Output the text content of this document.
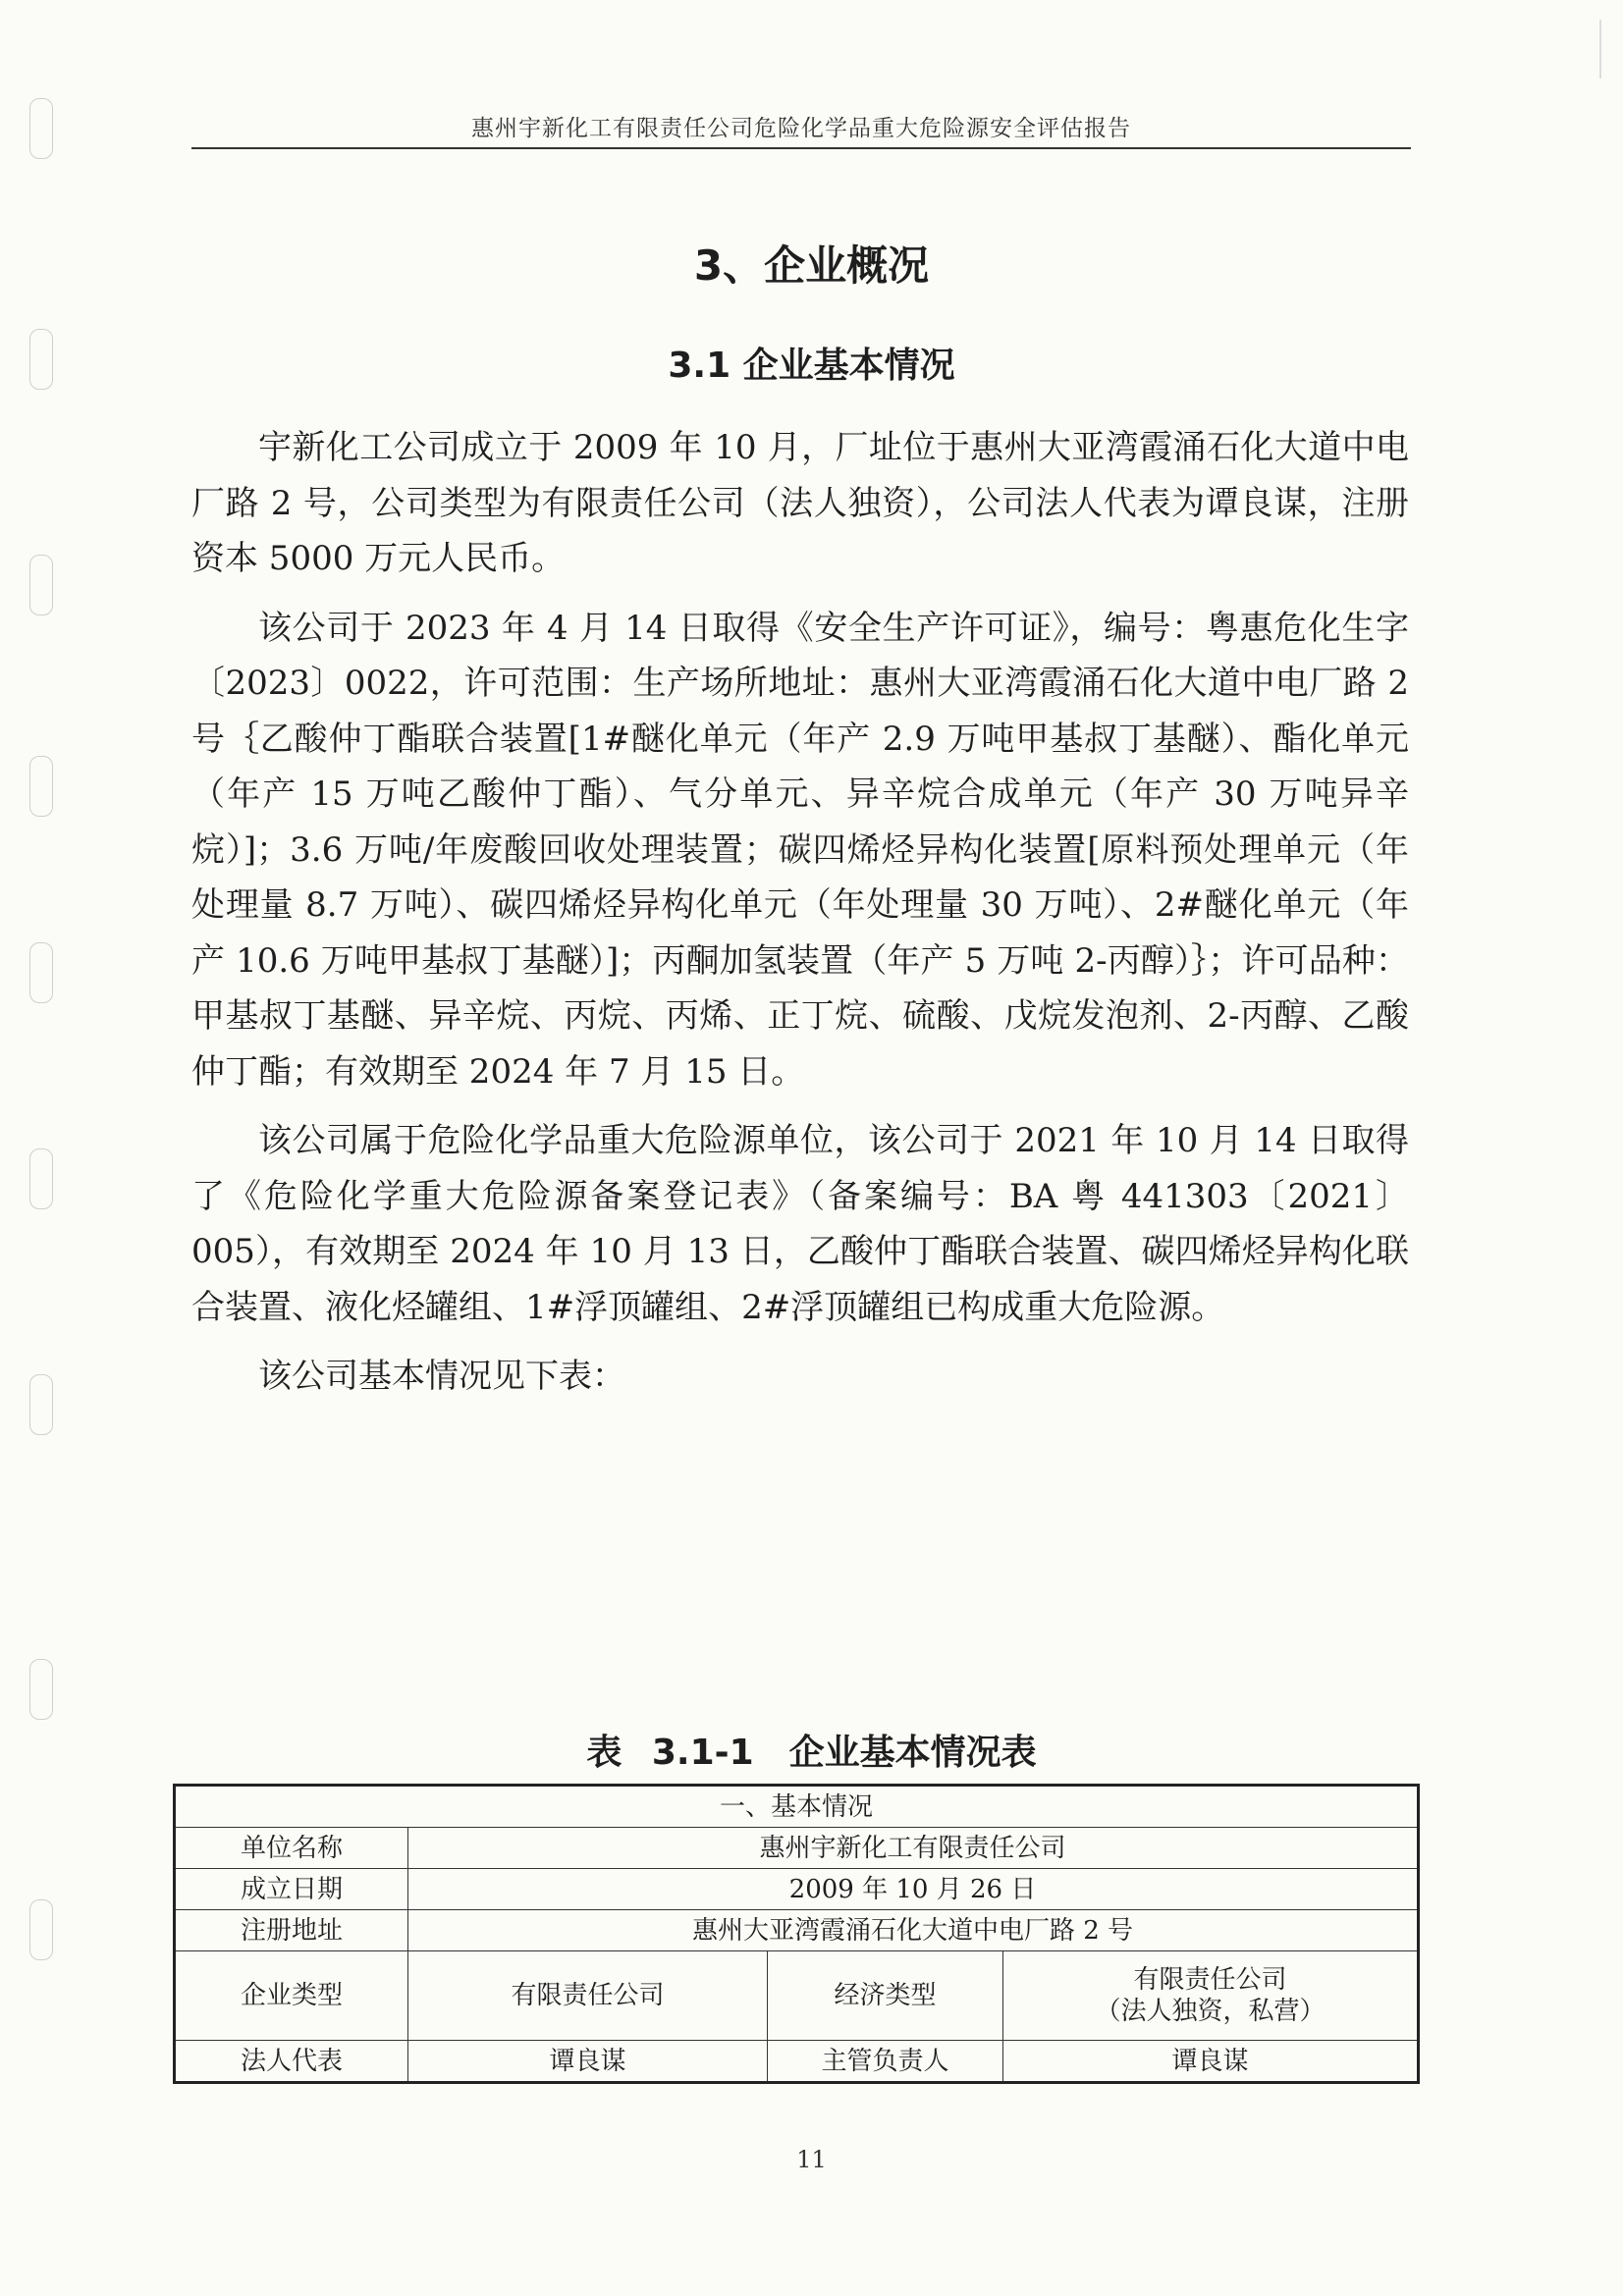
惠州宇新化工有限责任公司危险化学品重大危险源安全评估报告
3、企业概况
3.1 企业基本情况

宇新化工公司成立于 2009 年 10 月，厂址位于惠州大亚湾霞涌石化大道中电厂路 2 号，公司类型为有限责任公司（法人独资），公司法人代表为谭良谋，注册资本 5000 万元人民币。

该公司于 2023 年 4 月 14 日取得《安全生产许可证》，编号：粤惠危化生字〔2023〕0022，许可范围：生产场所地址：惠州大亚湾霞涌石化大道中电厂路 2 号｛乙酸仲丁酯联合装置[1#醚化单元（年产 2.9 万吨甲基叔丁基醚）、酯化单元（年产 15 万吨乙酸仲丁酯）、气分单元、异辛烷合成单元（年产 30 万吨异辛烷）]；3.6 万吨/年废酸回收处理装置；碳四烯烃异构化装置[原料预处理单元（年处理量 8.7 万吨）、碳四烯烃异构化单元（年处理量 30 万吨）、2#醚化单元（年产 10.6 万吨甲基叔丁基醚）]；丙酮加氢装置（年产 5 万吨 2-丙醇）｝；许可品种：甲基叔丁基醚、异辛烷、丙烷、丙烯、正丁烷、硫酸、戊烷发泡剂、2-丙醇、乙酸仲丁酯；有效期至 2024 年 7 月 15 日。

该公司属于危险化学品重大危险源单位，该公司于 2021 年 10 月 14 日取得了《危险化学重大危险源备案登记表》（备案编号：BA 粤 441303〔2021〕005），有效期至 2024 年 10 月 13 日，乙酸仲丁酯联合装置、碳四烯烃异构化联合装置、液化烃罐组、1#浮顶罐组、2#浮顶罐组已构成重大危险源。

该公司基本情况见下表：

表 3.1-1　企业基本情况表
一、基本情况			
单位名称	惠州宇新化工有限责任公司		
成立日期	2009 年 10 月 26 日		
注册地址	惠州大亚湾霞涌石化大道中电厂路 2 号		
企业类型	有限责任公司	经济类型	有限责任公司
（法人独资，私营）

法人代表	谭良谋	主管负责人	谭良谋
11
